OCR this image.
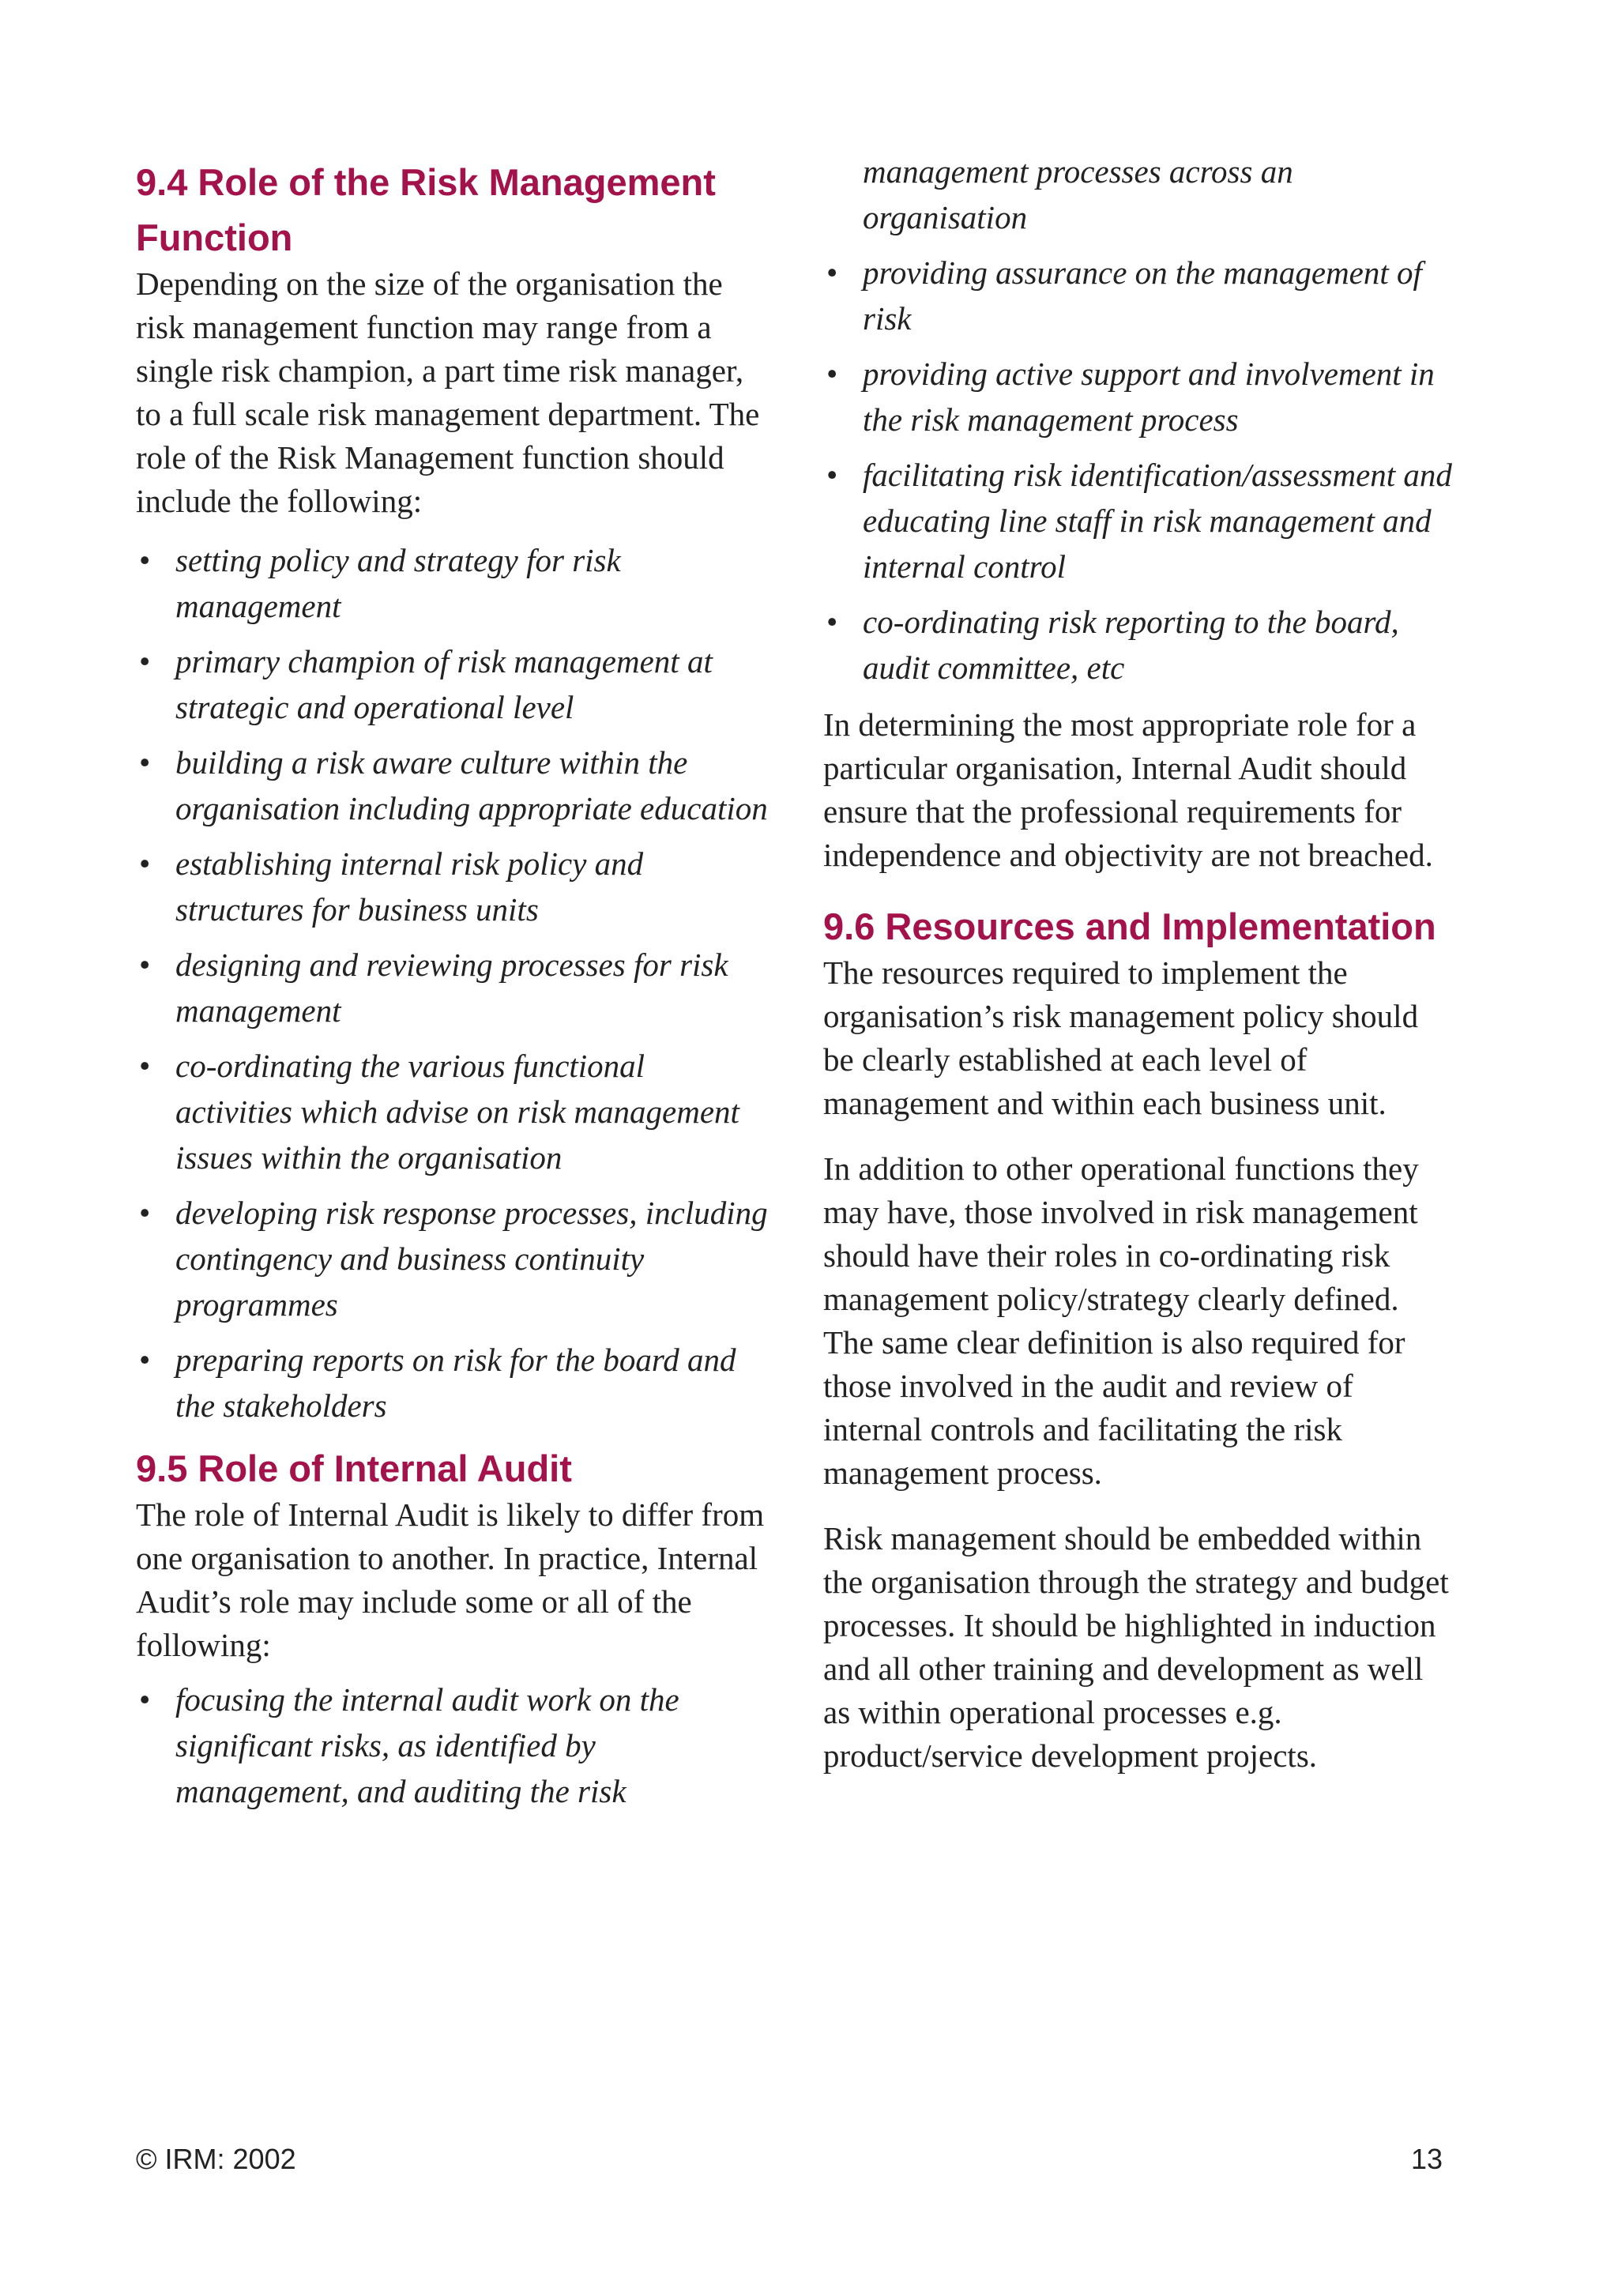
9.4 Role of the Risk Management Function

Depending on the size of the organisation the risk management function may range from a single risk champion, a part time risk manager, to a full scale risk management department. The role of the Risk Management function should include the following:

• setting policy and strategy for risk management
• primary champion of risk management at strategic and operational level
• building a risk aware culture within the organisation including appropriate education
• establishing internal risk policy and structures for business units
• designing and reviewing processes for risk management
• co-ordinating the various functional activities which advise on risk management issues within the organisation
• developing risk response processes, including contingency and business continuity programmes
• preparing reports on risk for the board and the stakeholders
9.5 Role of Internal Audit

The role of Internal Audit is likely to differ from one organisation to another. In practice, Internal Audit’s role may include some or all of the following:

• focusing the internal audit work on the significant risks, as identified by management, and auditing the risk
management processes across an organisation
• providing assurance on the management of risk
• providing active support and involvement in the risk management process
• facilitating risk identification/assessment and educating line staff in risk management and internal control
• co-ordinating risk reporting to the board, audit committee, etc

In determining the most appropriate role for a particular organisation, Internal Audit should ensure that the professional requirements for independence and objectivity are not breached.

9.6 Resources and Implementation

The resources required to implement the organisation’s risk management policy should be clearly established at each level of management and within each business unit.

In addition to other operational functions they may have, those involved in risk management should have their roles in co-ordinating risk management policy/strategy clearly defined. The same clear definition is also required for those involved in the audit and review of internal controls and facilitating the risk management process.

Risk management should be embedded within the organisation through the strategy and budget processes. It should be highlighted in induction and all other training and development as well as within operational processes e.g. product/service development projects.

© IRM: 2002	13
